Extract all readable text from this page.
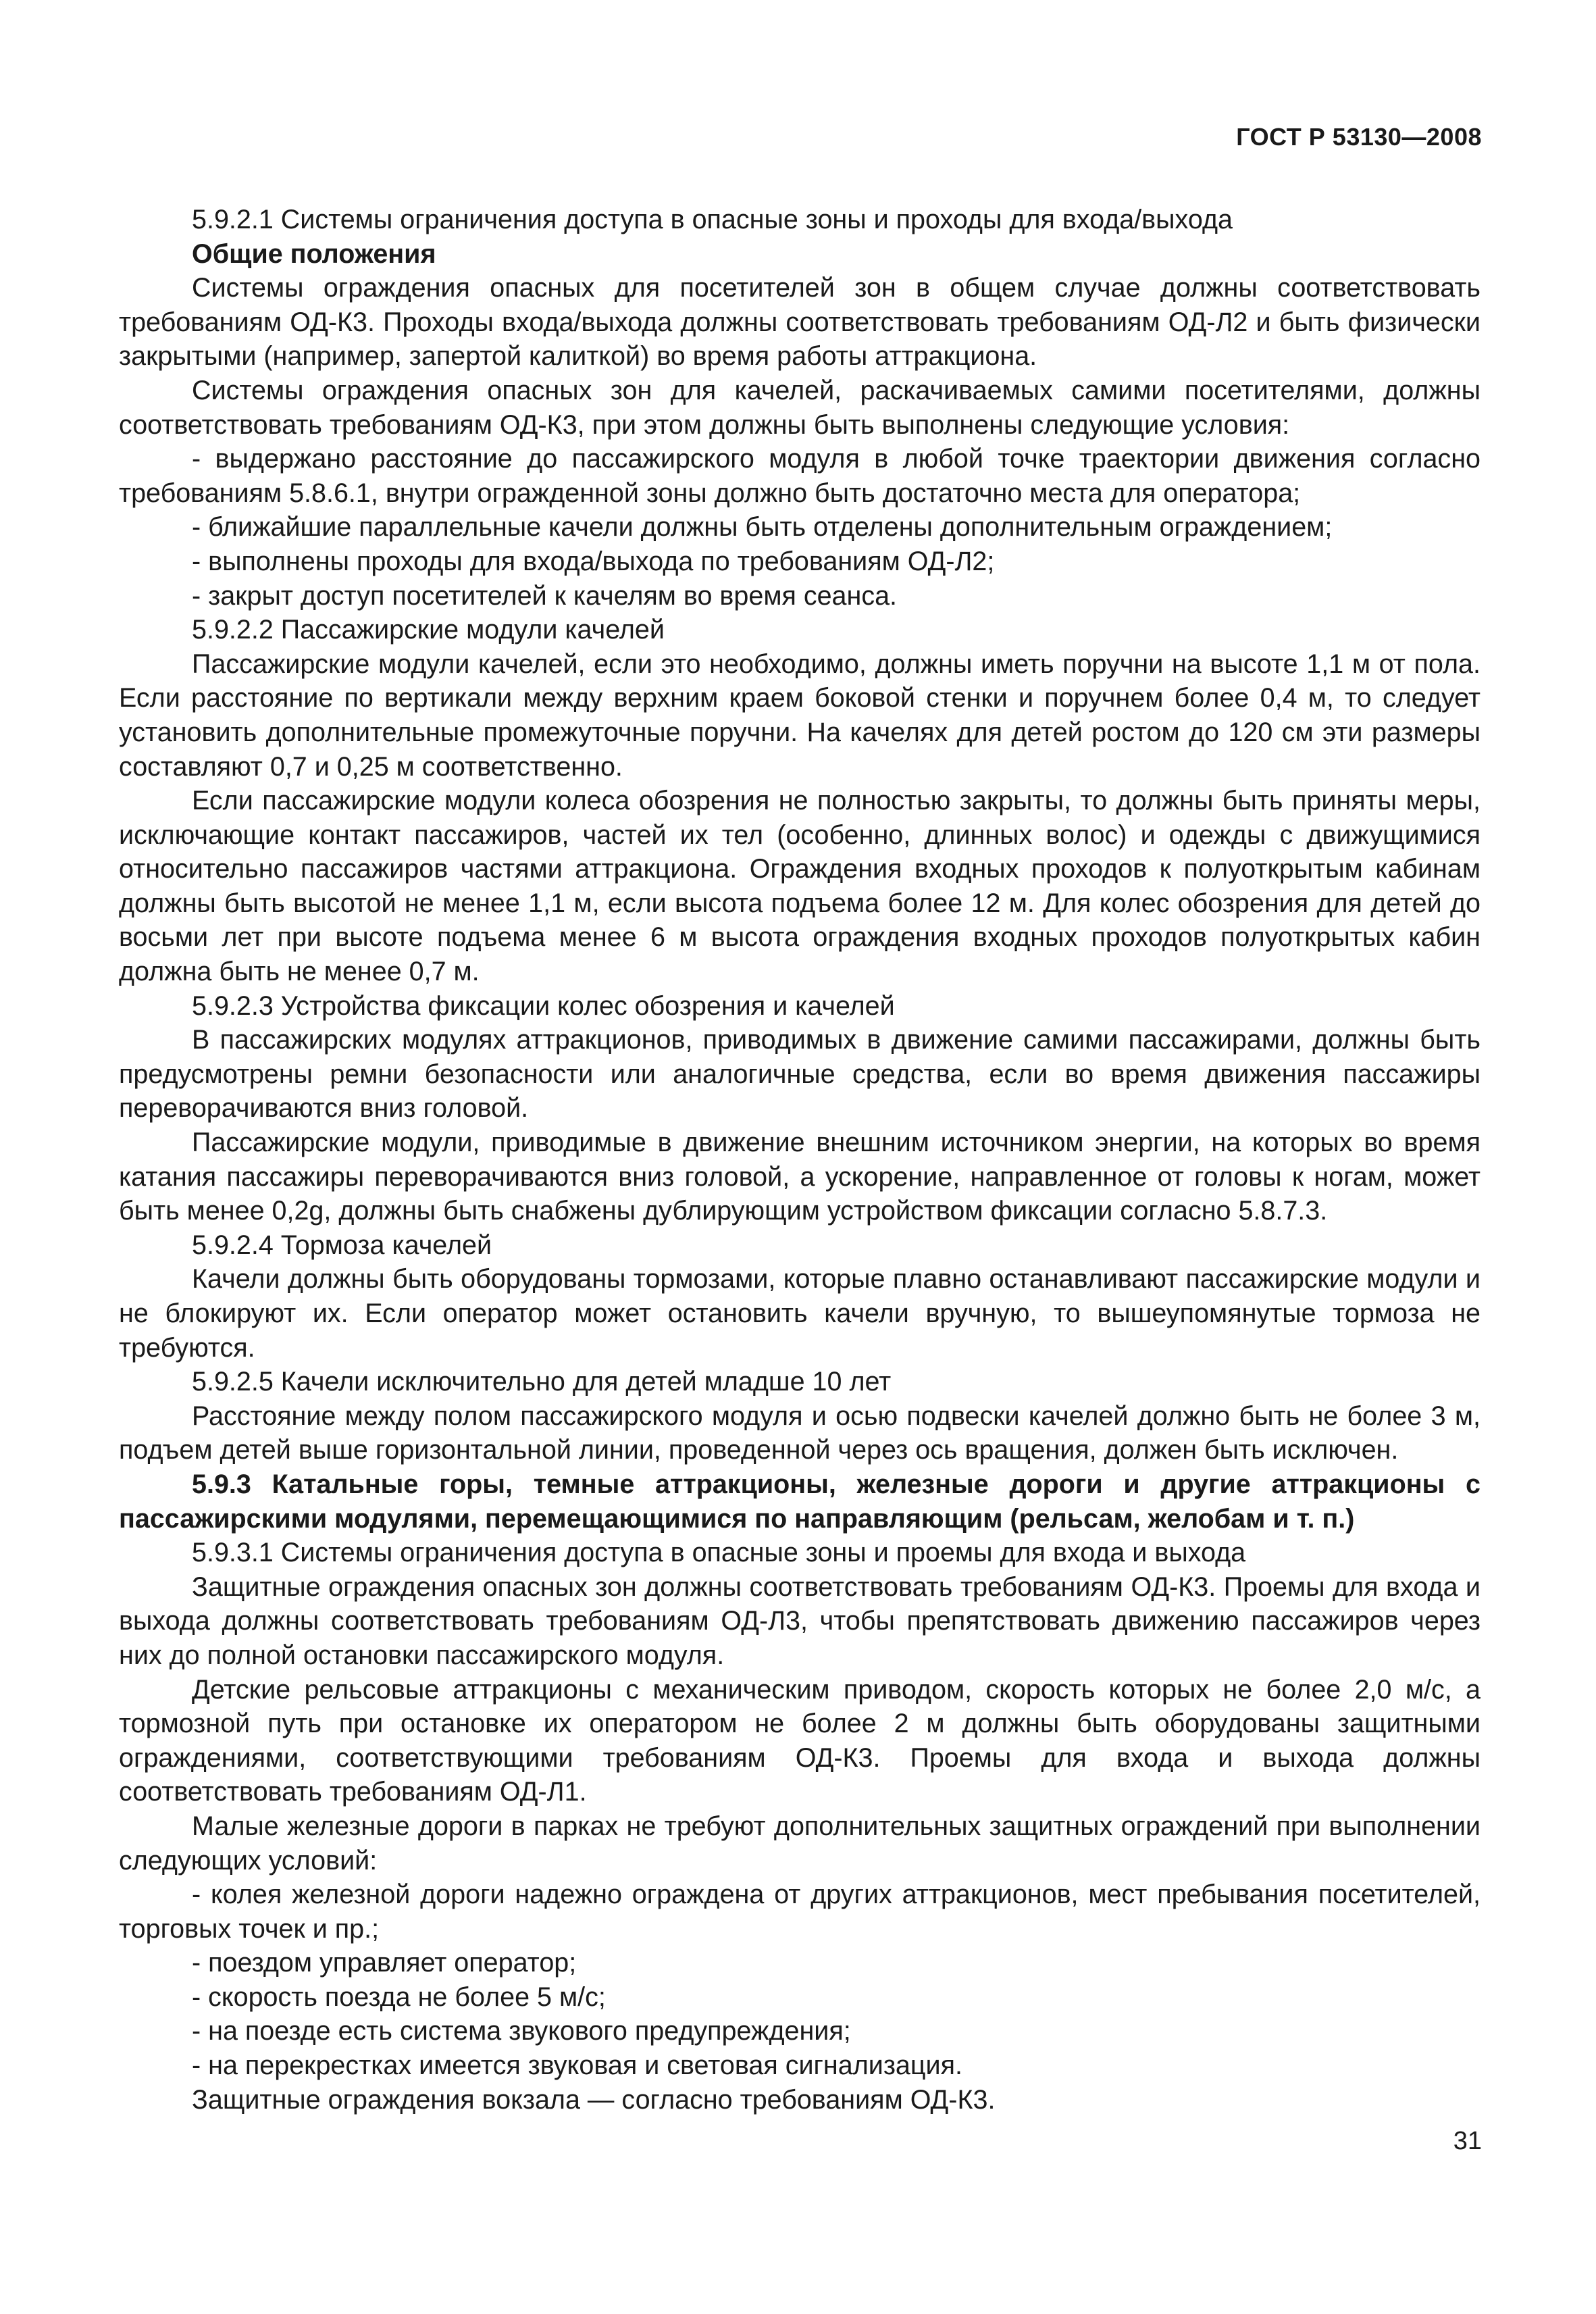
ГОСТ Р 53130—2008

5.9.2.1 Системы ограничения доступа в опасные зоны и проходы для входа/выхода

Общие положения

Системы ограждения опасных для посетителей зон в общем случае должны соответствовать требованиям ОД-К3. Проходы входа/выхода должны соответствовать требованиям ОД-Л2 и быть физически закрытыми (например, запертой калиткой) во время работы аттракциона.

Системы ограждения опасных зон для качелей, раскачиваемых самими посетителями, должны соответствовать требованиям ОД-К3, при этом должны быть выполнены следующие условия:

- выдержано расстояние до пассажирского модуля в любой точке траектории движения согласно требованиям 5.8.6.1, внутри огражденной зоны должно быть достаточно места для оператора;

- ближайшие параллельные качели должны быть отделены дополнительным ограждением;

- выполнены проходы для входа/выхода по требованиям ОД-Л2;

- закрыт доступ посетителей к качелям во время сеанса.

5.9.2.2 Пассажирские модули качелей

Пассажирские модули качелей, если это необходимо, должны иметь поручни на высоте 1,1 м от пола. Если расстояние по вертикали между верхним краем боковой стенки и поручнем более 0,4 м, то следует установить дополнительные промежуточные поручни. На качелях для детей ростом до 120 см эти размеры составляют 0,7 и 0,25 м соответственно.

Если пассажирские модули колеса обозрения не полностью закрыты, то должны быть приняты меры, исключающие контакт пассажиров, частей их тел (особенно, длинных волос) и одежды с движущимися относительно пассажиров частями аттракциона. Ограждения входных проходов к полуоткрытым кабинам должны быть высотой не менее 1,1 м, если высота подъема более 12 м. Для колес обозрения для детей до восьми лет при высоте подъема менее 6 м высота ограждения входных проходов полуоткрытых кабин должна быть не менее 0,7 м.

5.9.2.3 Устройства фиксации колес обозрения и качелей

В пассажирских модулях аттракционов, приводимых в движение самими пассажирами, должны быть предусмотрены ремни безопасности или аналогичные средства, если во время движения пассажиры переворачиваются вниз головой.

Пассажирские модули, приводимые в движение внешним источником энергии, на которых во время катания пассажиры переворачиваются вниз головой, а ускорение, направленное от головы к ногам, может быть менее 0,2g, должны быть снабжены дублирующим устройством фиксации согласно 5.8.7.3.

5.9.2.4 Тормоза качелей

Качели должны быть оборудованы тормозами, которые плавно останавливают пассажирские модули и не блокируют их. Если оператор может остановить качели вручную, то вышеупомянутые тормоза не требуются.

5.9.2.5 Качели исключительно для детей младше 10 лет

Расстояние между полом пассажирского модуля и осью подвески качелей должно быть не более 3 м, подъем детей выше горизонтальной линии, проведенной через ось вращения, должен быть исключен.

5.9.3 Катальные горы, темные аттракционы, железные дороги и другие аттракционы с пассажирскими модулями, перемещающимися по направляющим (рельсам, желобам и т. п.)

5.9.3.1 Системы ограничения доступа в опасные зоны и проемы для входа и выхода

Защитные ограждения опасных зон должны соответствовать требованиям ОД-К3. Проемы для входа и выхода должны соответствовать требованиям ОД-Л3, чтобы препятствовать движению пассажиров через них до полной остановки пассажирского модуля.

Детские рельсовые аттракционы с механическим приводом, скорость которых не более 2,0 м/с, а тормозной путь при остановке их оператором не более 2 м должны быть оборудованы защитными ограждениями, соответствующими требованиям ОД-К3. Проемы для входа и выхода должны соответствовать требованиям ОД-Л1.

Малые железные дороги в парках не требуют дополнительных защитных ограждений при выполнении следующих условий:

- колея железной дороги надежно ограждена от других аттракционов, мест пребывания посетителей, торговых точек и пр.;

- поездом управляет оператор;

- скорость поезда не более 5 м/с;

- на поезде есть система звукового предупреждения;

- на перекрестках имеется звуковая и световая сигнализация.

Защитные ограждения вокзала — согласно требованиям ОД-К3.

31
